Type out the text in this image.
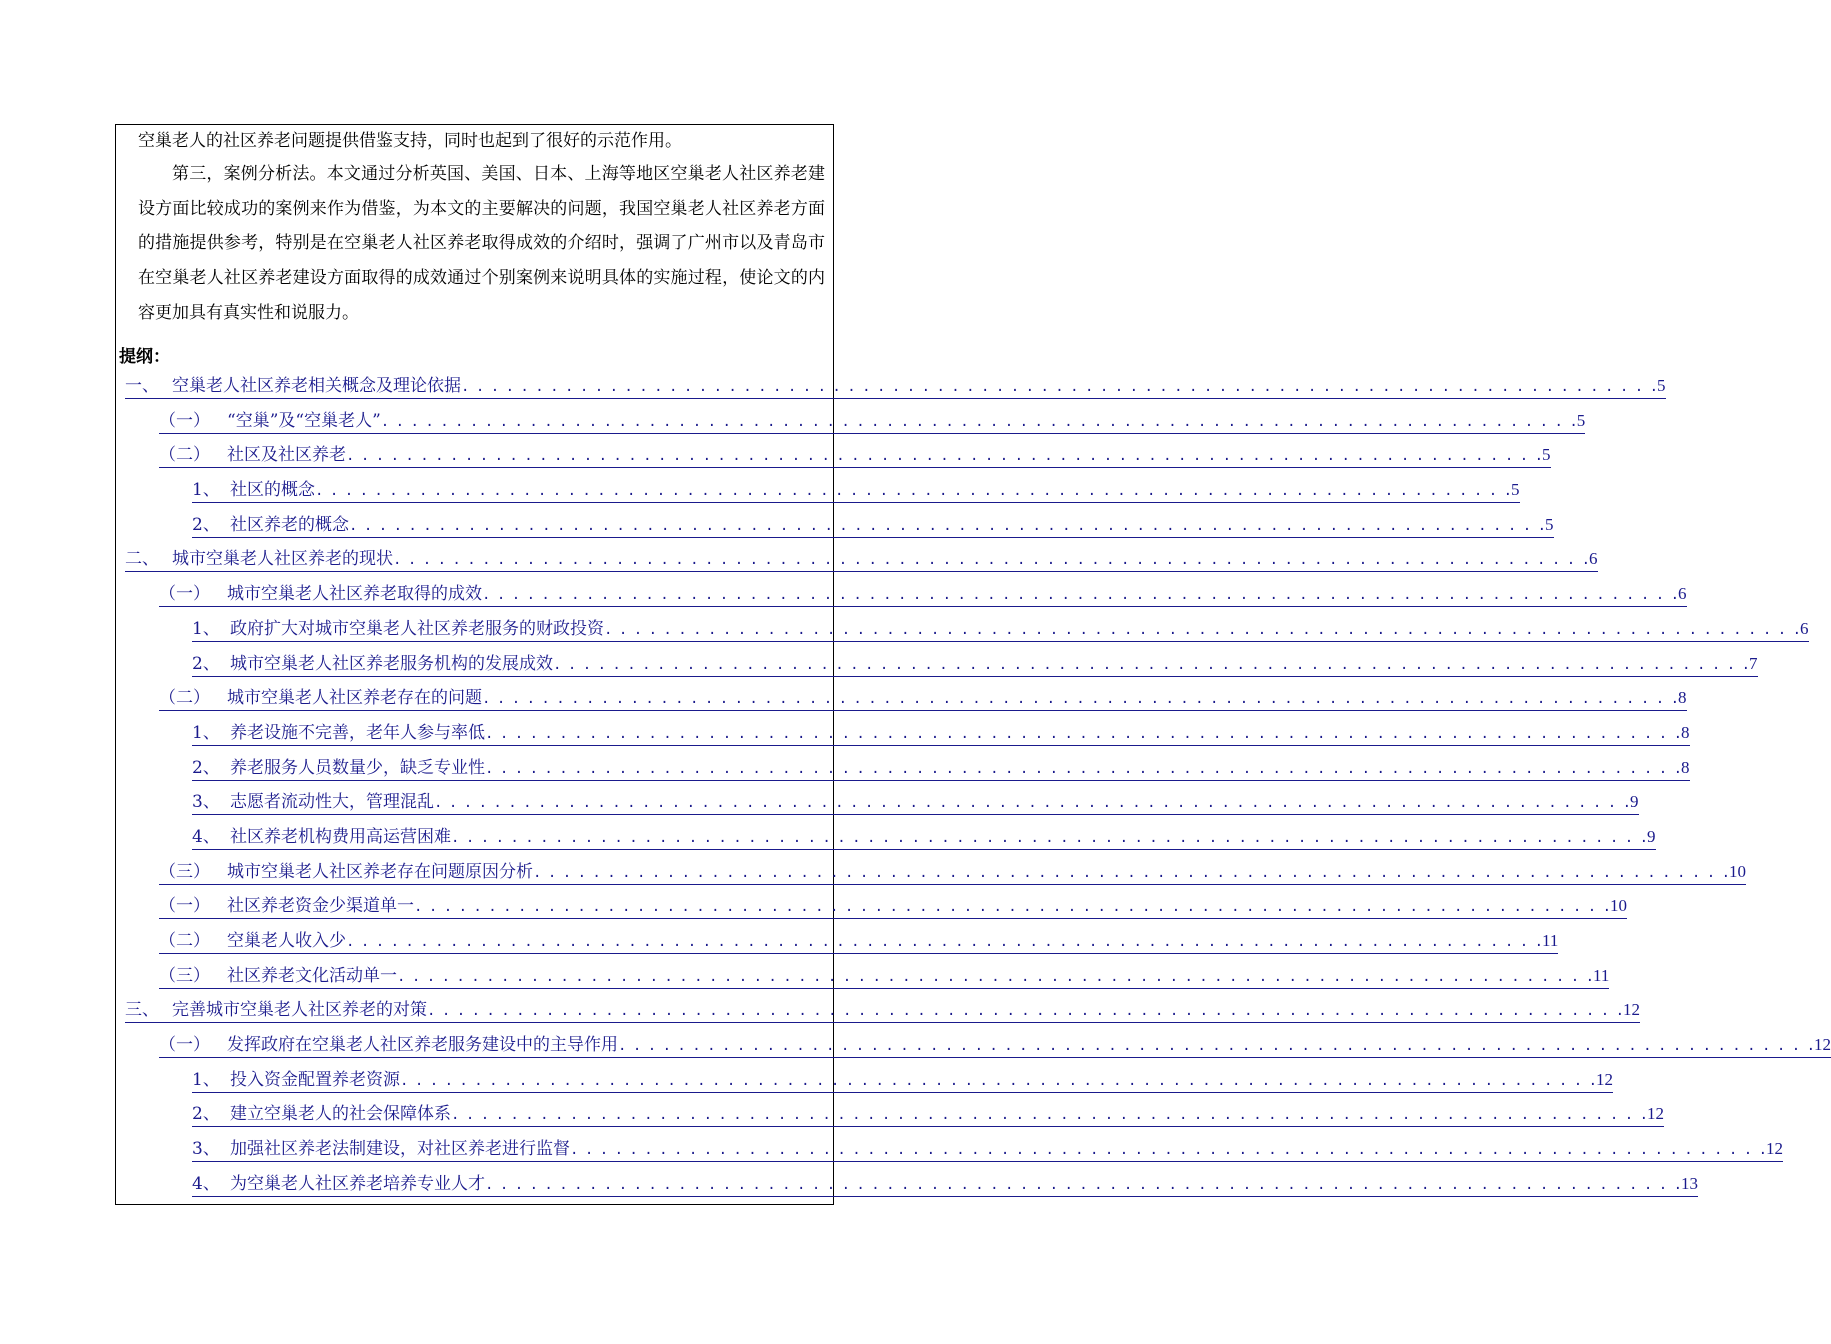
空巢老人的社区养老问题提供借鉴支持，同时也起到了很好的示范作用。

第三，案例分析法。本文通过分析英国、美国、日本、上海等地区空巢老人社区养老建设方面比较成功的案例来作为借鉴，为本文的主要解决的问题，我国空巢老人社区养老方面的措施提供参考，特别是在空巢老人社区养老取得成效的介绍时，强调了广州市以及青岛市在空巢老人社区养老建设方面取得的成效通过个别案例来说明具体的实施过程，使论文的内容更加具有真实性和说服力。

提纲：

一、 空巢老人社区养老相关概念及理论依据 . . .	5
（一）	“空巢”及“空巢老人” . . .	5
（二）	社区及社区养老 . . .	5
1、 社区的概念 . . .	5
2、 社区养老的概念 . . .	5
二、 城市空巢老人社区养老的现状 . . .	6
（一）	城市空巢老人社区养老取得的成效 . . .	6
1、 政府扩大对城市空巢老人社区养老服务的财政投资 . . .	6
2、 城市空巢老人社区养老服务机构的发展成效 . . .	7
（二）	城市空巢老人社区养老存在的问题 . . .	8
1、 养老设施不完善，老年人参与率低 . . .	8
2、 养老服务人员数量少，缺乏专业性 . . .	8
3、 志愿者流动性大，管理混乱 . . .	9
4、 社区养老机构费用高运营困难 . . .	9
（三）	城市空巢老人社区养老存在问题原因分析 . . .	10
（一）	社区养老资金少渠道单一 . . .	10
（二）	空巢老人收入少 . . .	11
（三）	社区养老文化活动单一 . . .	11
三、 完善城市空巢老人社区养老的对策 . . .	12
（一）	发挥政府在空巢老人社区养老服务建设中的主导作用 . . .	12
1、 投入资金配置养老资源 . . .	12
2、 建立空巢老人的社会保障体系 . . .	12
3、 加强社区养老法制建设，对社区养老进行监督 . . .	12
4、 为空巢老人社区养老培养专业人才 . . .	13
